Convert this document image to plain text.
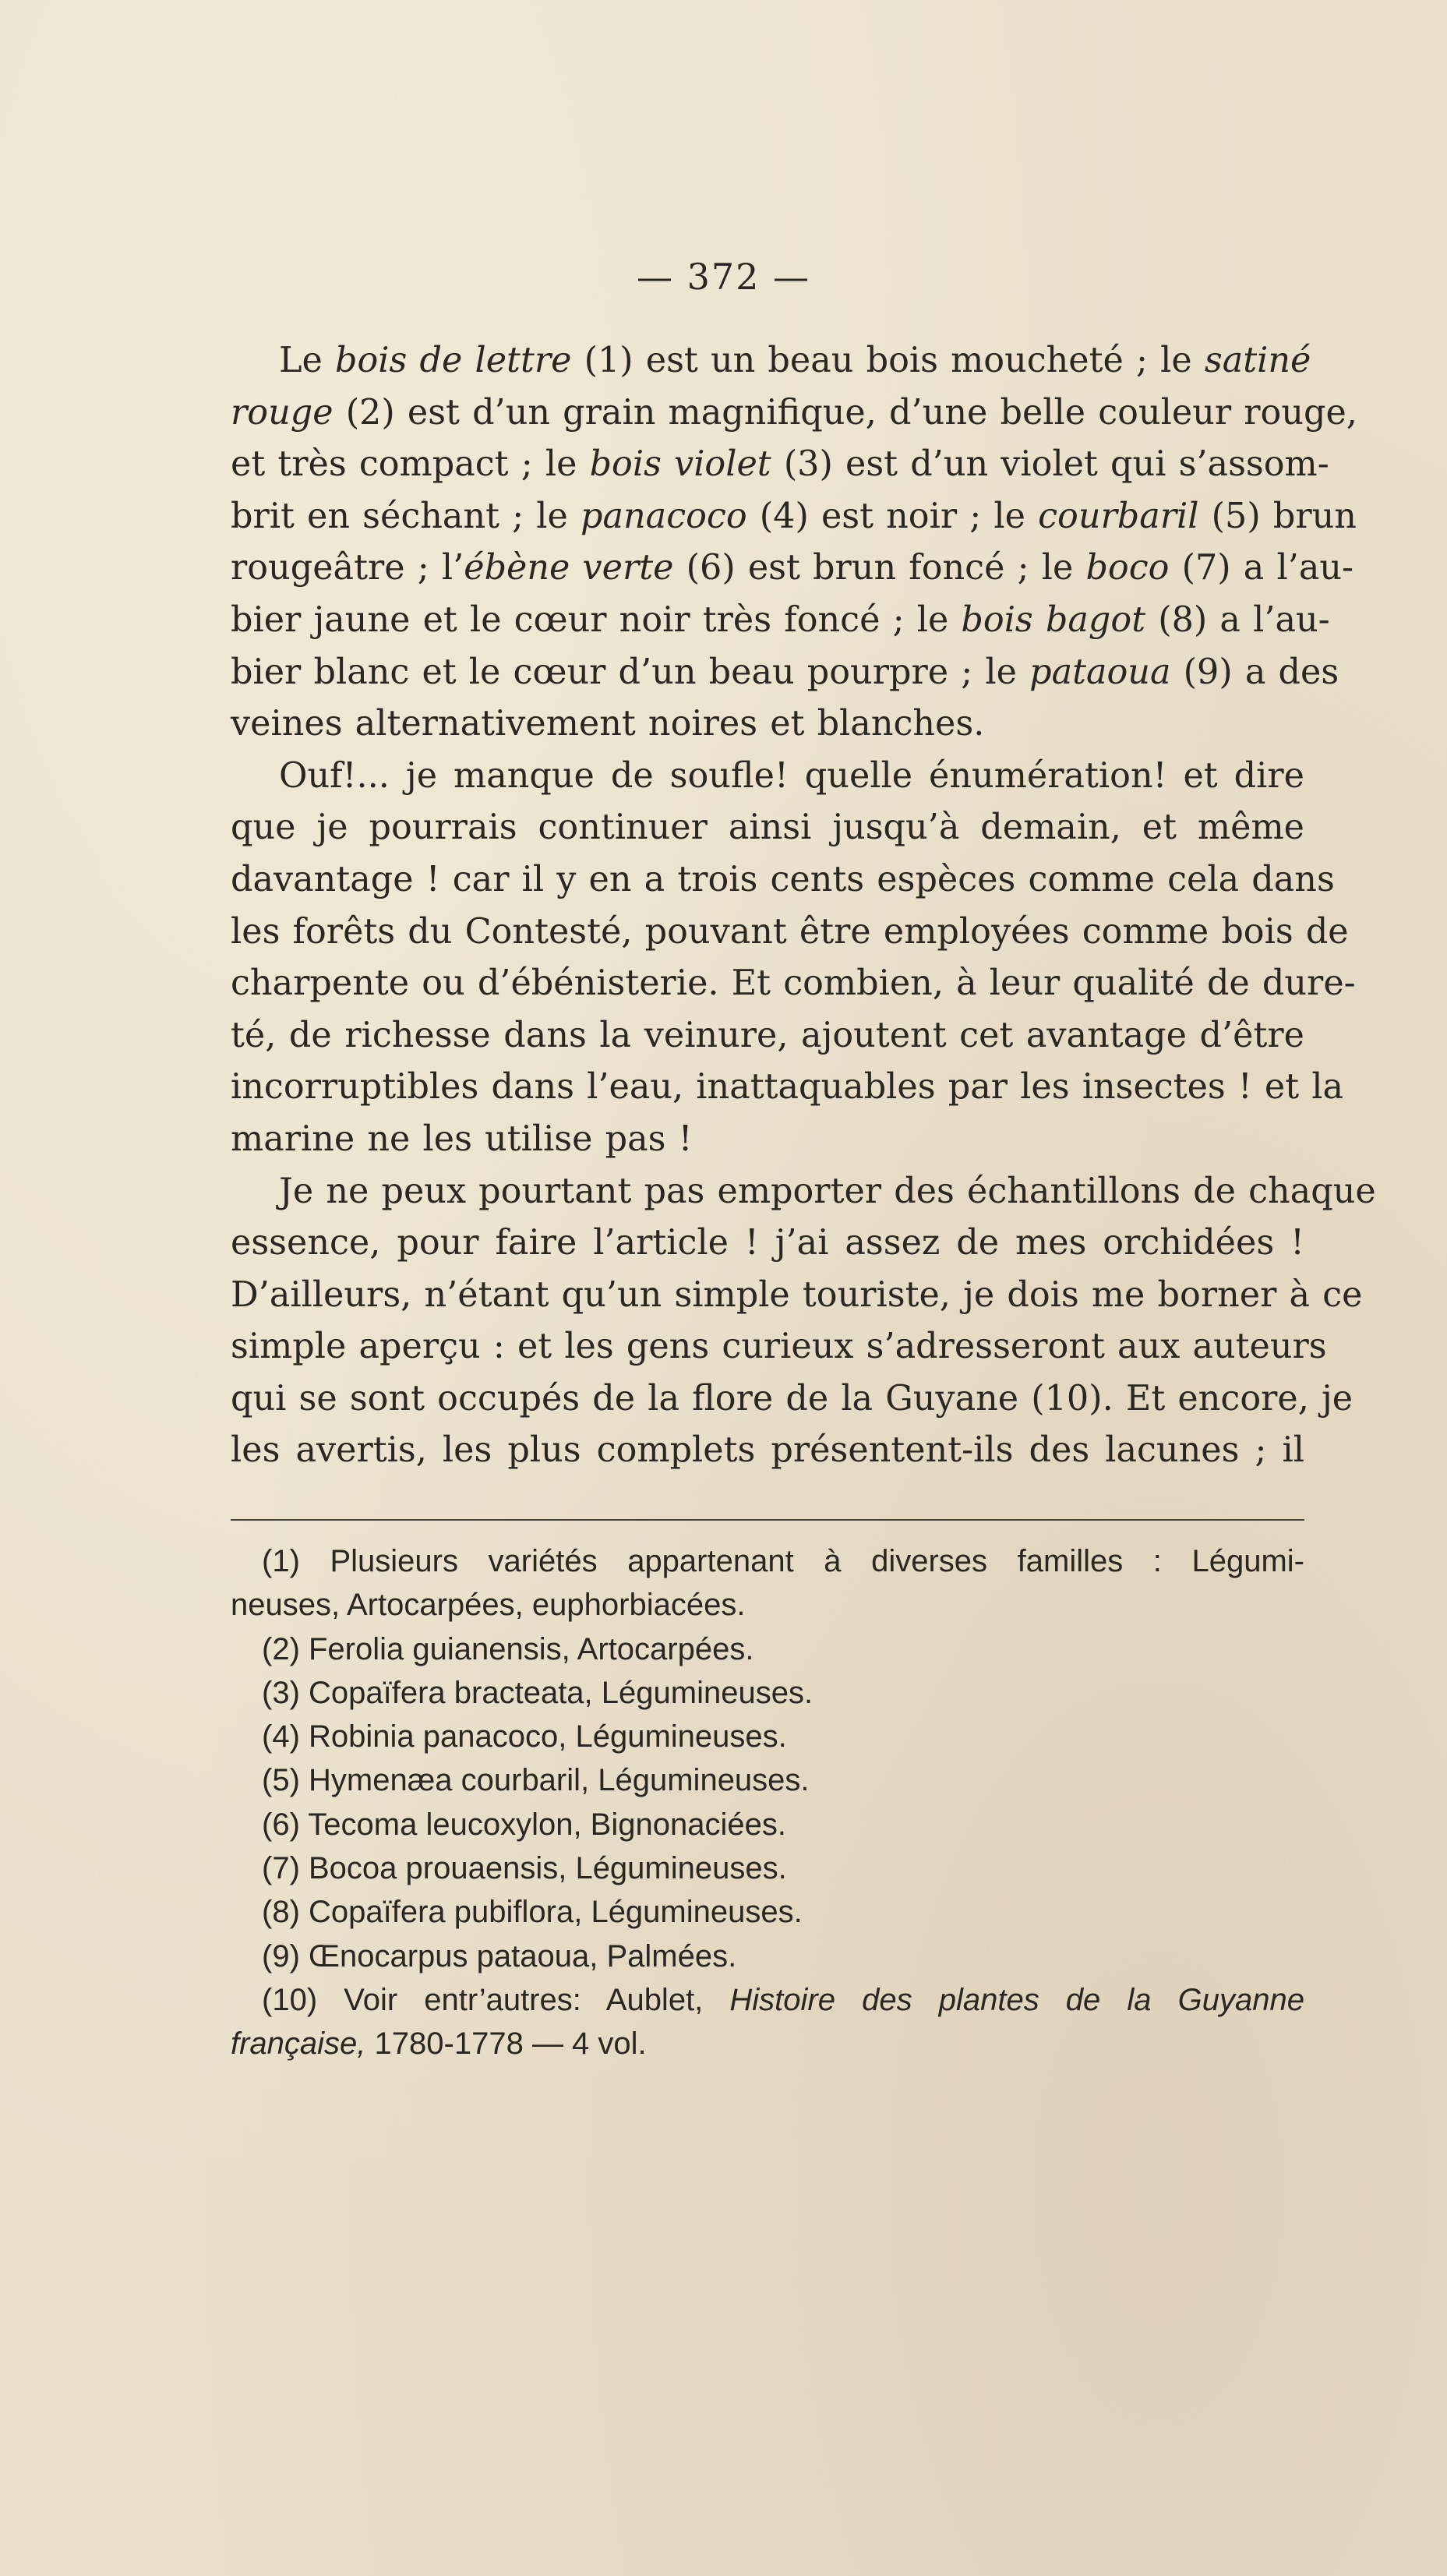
— 372 —
Le bois de lettre (1) est un beau bois moucheté ; le satiné
rouge (2) est d’un grain magnifique, d’une belle couleur rouge,
et très compact ; le bois violet (3) est d’un violet qui s’assom-
brit en séchant ; le panacoco (4) est noir ; le courbaril (5) brun
rougeâtre ; l’ébène verte (6) est brun foncé ; le boco (7) a l’au-
bier jaune et le cœur noir très foncé ; le bois bagot (8) a l’au-
bier blanc et le cœur d’un beau pourpre ; le pataoua (9) a des
veines alternativement noires et blanches.
Ouf!... je manque de soufle! quelle énumération! et dire
que je pourrais continuer ainsi jusqu’à demain, et même
davantage ! car il y en a trois cents espèces comme cela dans
les forêts du Contesté, pouvant être employées comme bois de
charpente ou d’ébénisterie. Et combien, à leur qualité de dure-
té, de richesse dans la veinure, ajoutent cet avantage d’être
incorruptibles dans l’eau, inattaquables par les insectes ! et la
marine ne les utilise pas !
Je ne peux pourtant pas emporter des échantillons de chaque
essence, pour faire l’article ! j’ai assez de mes orchidées !
D’ailleurs, n’étant qu’un simple touriste, je dois me borner à ce
simple aperçu : et les gens curieux s’adresseront aux auteurs
qui se sont occupés de la flore de la Guyane (10). Et encore, je
les avertis, les plus complets présentent-ils des lacunes ; il
(1) Plusieurs variétés appartenant à diverses familles : Légumi-
neuses, Artocarpées, euphorbiacées.
(2) Ferolia guianensis, Artocarpées.
(3) Copaïfera bracteata, Légumineuses.
(4) Robinia panacoco, Légumineuses.
(5) Hymenæa courbaril, Légumineuses.
(6) Tecoma leucoxylon, Bignonaciées.
(7) Bocoa prouaensis, Légumineuses.
(8) Copaïfera pubiflora, Légumineuses.
(9) Œnocarpus pataoua, Palmées.
(10) Voir entr’autres: Aublet, Histoire des plantes de la Guyanne
française, 1780-1778 — 4 vol.
